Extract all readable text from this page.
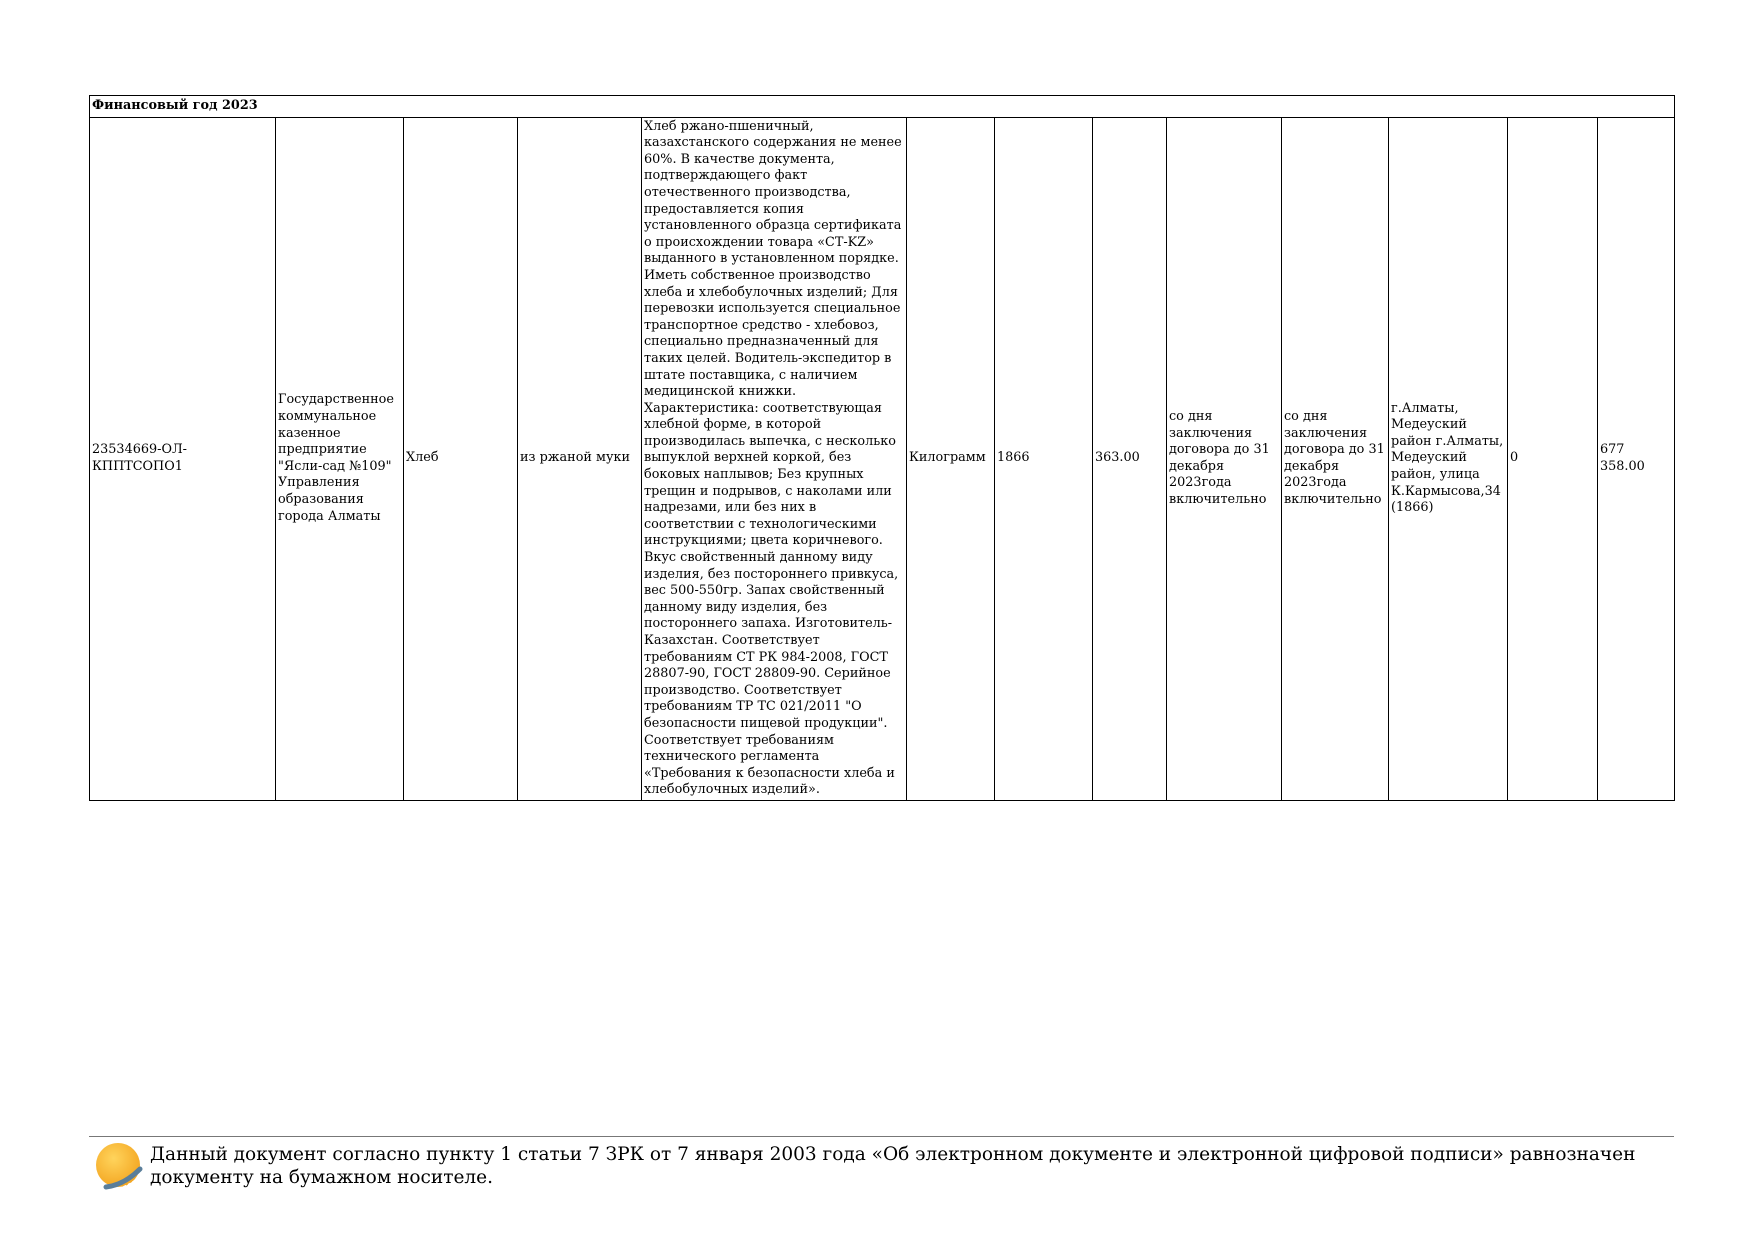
Финансовый год 2023
23534669-ОЛ-КППТСОПО1	Государственное коммунальное казенное предприятие "Ясли-сад №109" Управления образования города Алматы	Хлеб	из ржаной муки	Хлеб ржано-пшеничный, казахстанского содержания не менее 60%. В качестве документа, подтверждающего факт отечественного производства, предоставляется копия установленного образца сертификата о происхождении товара «СТ-KZ» выданного в установленном порядке. Иметь собственное производство хлеба и хлебобулочных изделий; Для перевозки используется специальное транспортное средство - хлебовоз, специально предназначенный для таких целей. Водитель-экспедитор в штате поставщика, с наличием медицинской книжки. Характеристика: соответствующая хлебной форме, в которой производилась выпечка, с несколько выпуклой верхней коркой, без боковых наплывов; Без крупных трещин и подрывов, с наколами или надрезами, или без них в соответствии с технологическими инструкциями; цвета коричневого. Вкус свойственный данному виду изделия, без постороннего привкуса, вес 500-550гр. Запах свойственный данному виду изделия, без постороннего запаха. Изготовитель-Казахстан. Соответствует требованиям СТ РК 984-2008, ГОСТ 28807-90, ГОСТ 28809-90. Серийное производство. Соответствует требованиям ТР ТС 021/2011 "О безопасности пищевой продукции". Соответствует требованиям технического регламента «Требования к безопасности хлеба и хлебобулочных изделий».	Килограмм	1866	363.00	со дня заключения договора до 31 декабря 2023года включительно	со дня заключения договора до 31 декабря 2023года включительно	г.Алматы, Медеуский район г.Алматы, Медеуский район, улица К.Кармысова,34 (1866)	0	677 358.00
Данный документ согласно пункту 1 статьи 7 ЗРК от 7 января 2003 года «Об электронном документе и электронной цифровой подписи» равнозначен документу на бумажном носителе.
